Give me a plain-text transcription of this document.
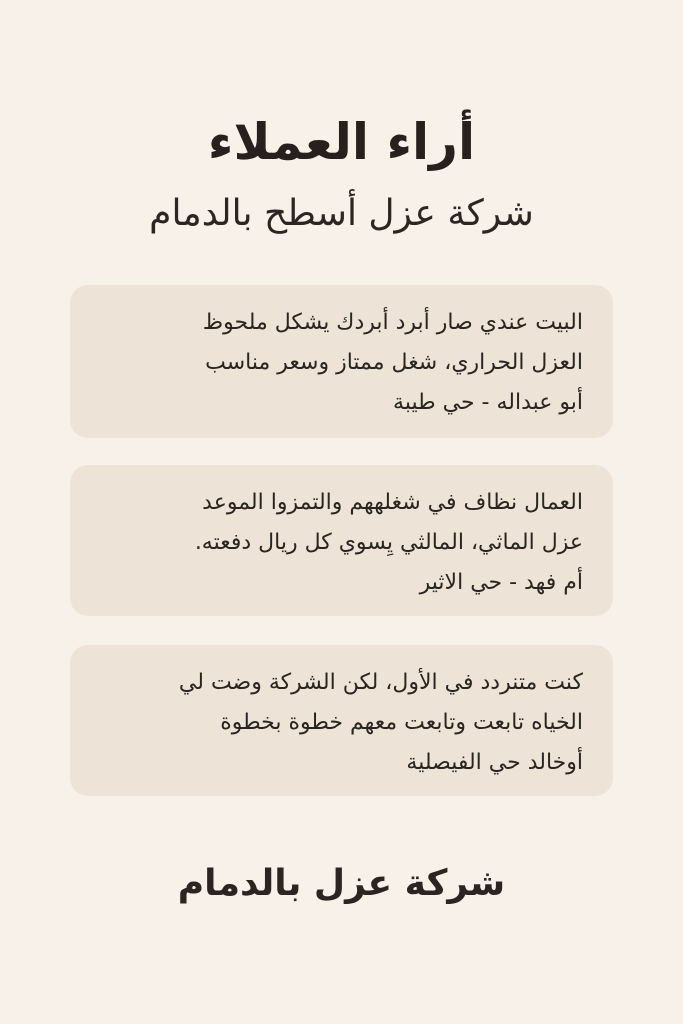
أراء العملاء
شركة عزل أسطح بالدمام
البيت عندي صار أبرد أبردك يشكل ملحوظ
العزل الحراري، شغل ممتاز وسعر مناسب
أبو عبداله - حي طيبة
العمال نظاف في شغلههم والتمزوا الموعد
عزل الماثي، المالثي يِسوي كل ريال دفعته.
أم فهد - حي الاثير
كنت متنردد في الأول، لكن الشركة وضت لي
الخياه تابعت وتابعت معهم خطوة بخطوة
أوخالد حي الفيصلية
شركة عزل بالدمام
